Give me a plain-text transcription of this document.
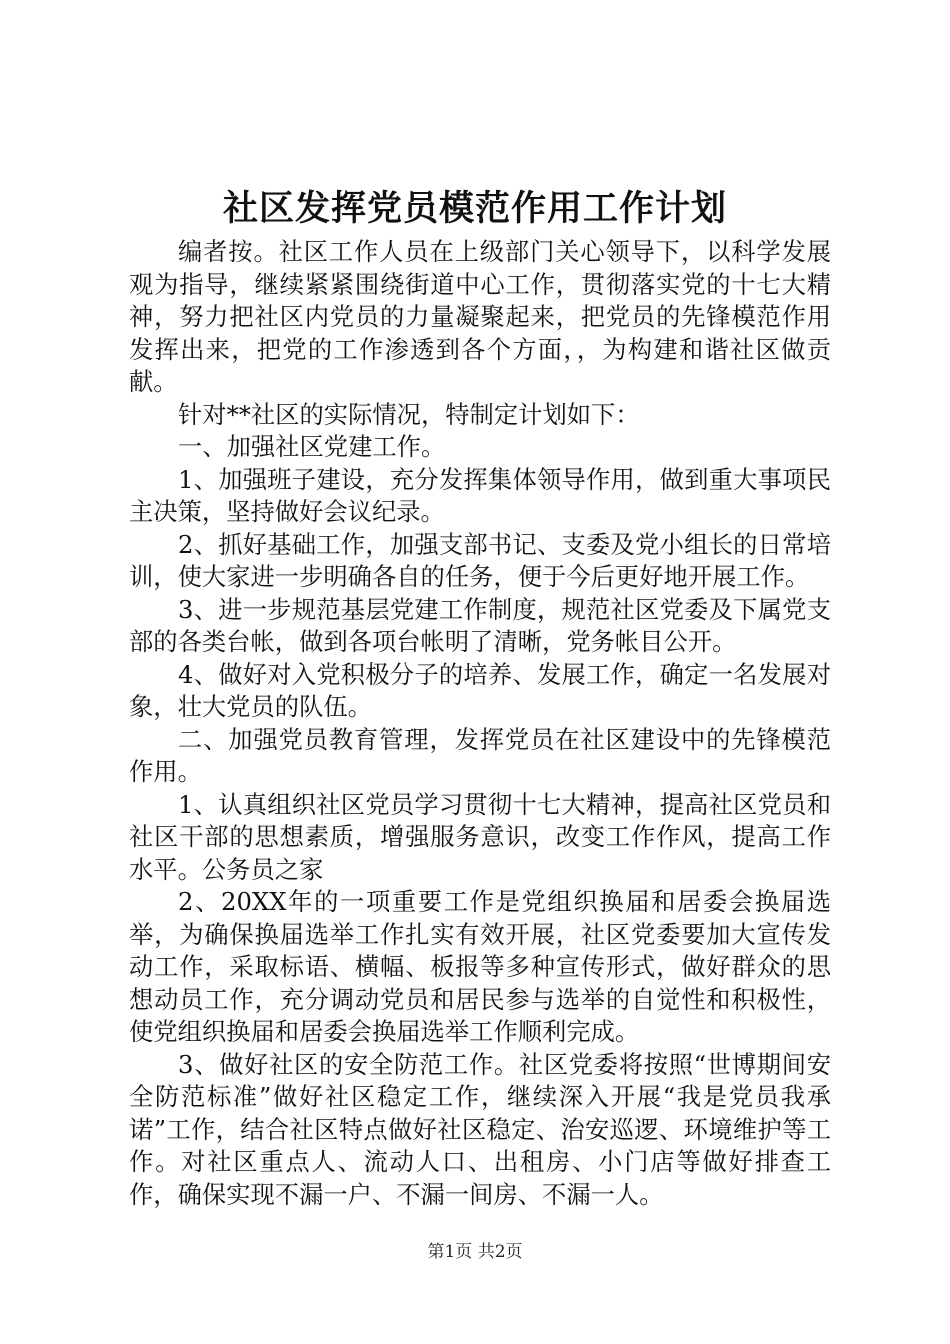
社区发挥党员模范作用工作计划

编者按。社区工作人员在上级部门关心领导下，以科学发展观为指导，继续紧紧围绕街道中心工作，贯彻落实党的十七大精神，努力把社区内党员的力量凝聚起来，把党员的先锋模范作用发挥出来，把党的工作渗透到各个方面，，为构建和谐社区做贡献。

针对**社区的实际情况，特制定计划如下：

一、加强社区党建工作。

1、加强班子建设，充分发挥集体领导作用，做到重大事项民主决策，坚持做好会议纪录。

2、抓好基础工作，加强支部书记、支委及党小组长的日常培训，使大家进一步明确各自的任务，便于今后更好地开展工作。

3、进一步规范基层党建工作制度，规范社区党委及下属党支部的各类台帐，做到各项台帐明了清晰，党务帐目公开。

4、做好对入党积极分子的培养、发展工作，确定一名发展对象，壮大党员的队伍。

二、加强党员教育管理，发挥党员在社区建设中的先锋模范作用。

1、认真组织社区党员学习贯彻十七大精神，提高社区党员和社区干部的思想素质，增强服务意识，改变工作作风，提高工作水平。公务员之家

2、20XX年的一项重要工作是党组织换届和居委会换届选举，为确保换届选举工作扎实有效开展，社区党委要加大宣传发动工作，采取标语、横幅、板报等多种宣传形式，做好群众的思想动员工作，充分调动党员和居民参与选举的自觉性和积极性，使党组织换届和居委会换届选举工作顺利完成。

3、做好社区的安全防范工作。社区党委将按照“世博期间安全防范标准”做好社区稳定工作，继续深入开展“我是党员我承诺”工作，结合社区特点做好社区稳定、治安巡逻、环境维护等工作。对社区重点人、流动人口、出租房、小门店等做好排查工作，确保实现不漏一户、不漏一间房、不漏一人。

第1页 共2页
